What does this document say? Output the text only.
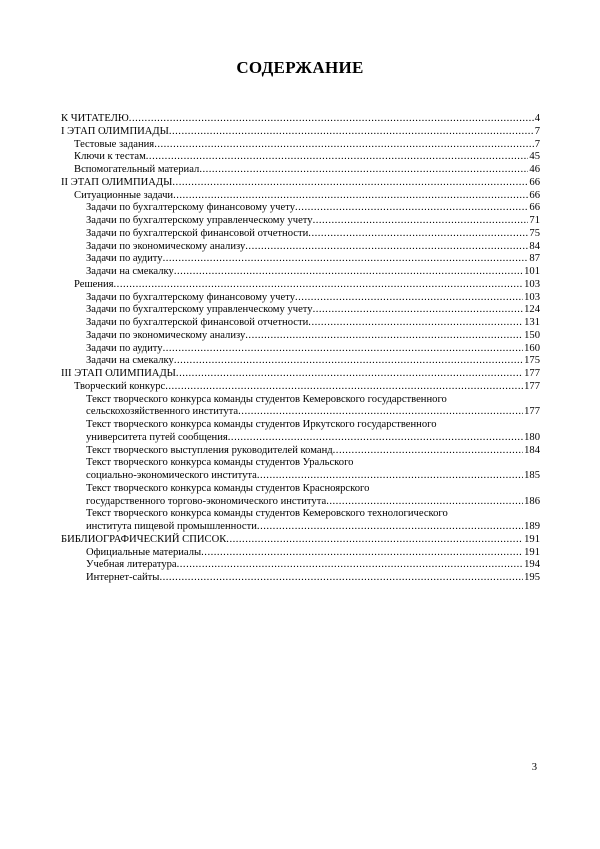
СОДЕРЖАНИЕ
К ЧИТАТЕЛЮ .....	4
I ЭТАП ОЛИМПИАДЫ .....	7
Тестовые задания .....	7
Ключи к тестам .....	45
Вспомогательный материал .....	46
II ЭТАП ОЛИМПИАДЫ .....	66
Ситуационные задачи .....	66
Задачи по бухгалтерскому финансовому учету .....	66
Задачи по бухгалтерскому управленческому учету .....	71
Задачи по бухгалтерской финансовой отчетности .....	75
Задачи по экономическому анализу .....	84
Задачи по аудиту .....	87
Задачи на смекалку .....	101
Решения .....	103
Задачи по бухгалтерскому финансовому учету .....	103
Задачи по бухгалтерскому управленческому учету .....	124
Задачи по бухгалтерской финансовой отчетности .....	131
Задачи по экономическому анализу .....	150
Задачи по аудиту .....	160
Задачи на смекалку .....	175
III ЭТАП ОЛИМПИАДЫ .....	177
Творческий конкурс .....	177
Текст творческого конкурса команды студентов Кемеровского государственного
сельскохозяйственного института .....	177
Текст творческого конкурса команды студентов Иркутского государственного
университета путей сообщения .....	180
Текст творческого выступления руководителей команд .....	184
Текст творческого конкурса команды студентов Уральского
социально-экономического института .....	185
Текст творческого конкурса команды студентов Красноярского
государственного торгово-экономического института .....	186
Текст творческого конкурса команды студентов Кемеровского технологического
института пищевой промышленности .....	189
БИБЛИОГРАФИЧЕСКИЙ СПИСОК .....	191
Официальные материалы .....	191
Учебная литература .....	194
Интернет-сайты .....	195
3
